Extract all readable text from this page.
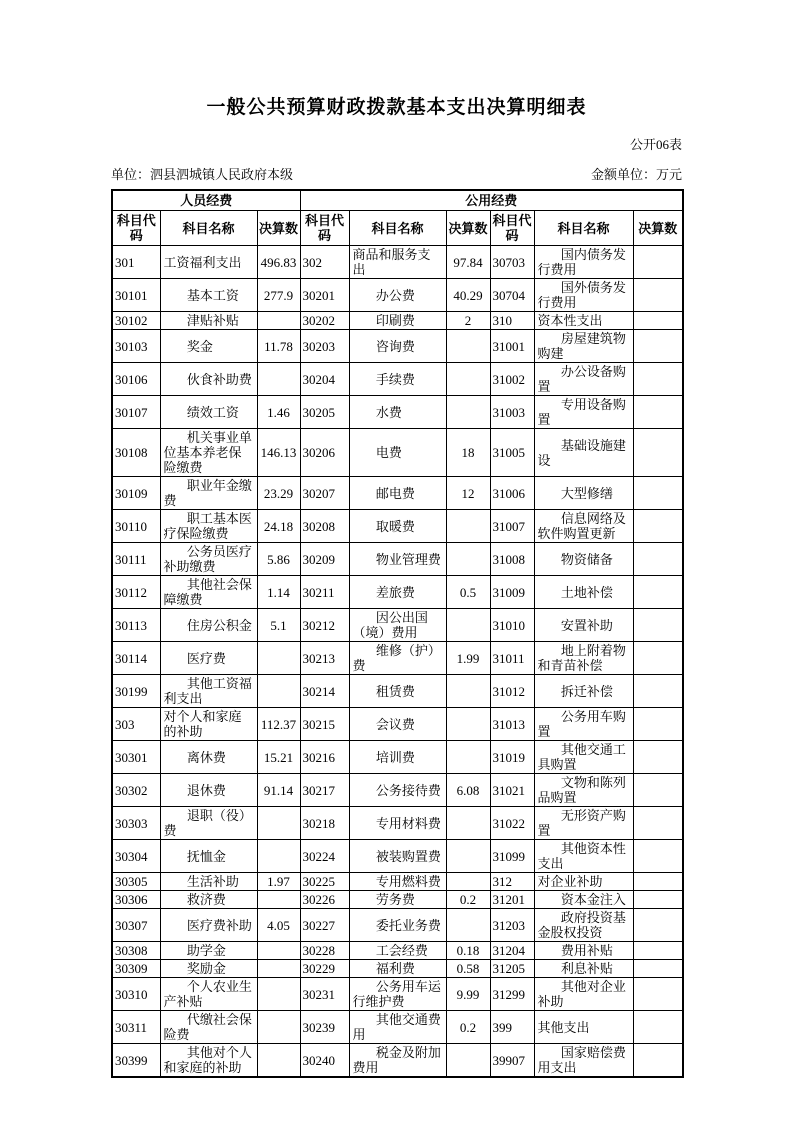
一般公共预算财政拨款基本支出决算明细表
公开06表
单位：泗县泗城镇人民政府本级	金额单位：万元
人员经费			公用经费					
科目代码	科目名称	决算数	科目代码	科目名称	决算数	科目代码	科目名称	决算数
301	工资福利支出	496.83	302	商品和服务支出	97.84	30703	国内债务发行费用	
30101	基本工资	277.9	30201	办公费	40.29	30704	国外债务发行费用	
30102	津贴补贴		30202	印刷费	2	310	资本性支出	
30103	奖金	11.78	30203	咨询费		31001	房屋建筑物购建	
30106	伙食补助费		30204	手续费		31002	办公设备购置	
30107	绩效工资	1.46	30205	水费		31003	专用设备购置	
30108	机关事业单位基本养老保险缴费	146.13	30206	电费	18	31005	基础设施建设	
30109	职业年金缴费	23.29	30207	邮电费	12	31006	大型修缮	
30110	职工基本医疗保险缴费	24.18	30208	取暖费		31007	信息网络及软件购置更新	
30111	公务员医疗补助缴费	5.86	30209	物业管理费		31008	物资储备	
30112	其他社会保障缴费	1.14	30211	差旅费	0.5	31009	土地补偿	
30113	住房公积金	5.1	30212	因公出国（境）费用		31010	安置补助	
30114	医疗费		30213	维修（护）费	1.99	31011	地上附着物和青苗补偿	
30199	其他工资福利支出		30214	租赁费		31012	拆迁补偿	
303	对个人和家庭的补助	112.37	30215	会议费		31013	公务用车购置	
30301	离休费	15.21	30216	培训费		31019	其他交通工具购置	
30302	退休费	91.14	30217	公务接待费	6.08	31021	文物和陈列品购置	
30303	退职（役）费		30218	专用材料费		31022	无形资产购置	
30304	抚恤金		30224	被装购置费		31099	其他资本性支出	
30305	生活补助	1.97	30225	专用燃料费		312	对企业补助	
30306	救济费		30226	劳务费	0.2	31201	资本金注入	
30307	医疗费补助	4.05	30227	委托业务费		31203	政府投资基金股权投资	
30308	助学金		30228	工会经费	0.18	31204	费用补贴	
30309	奖励金		30229	福利费	0.58	31205	利息补贴	
30310	个人农业生产补贴		30231	公务用车运行维护费	9.99	31299	其他对企业补助	
30311	代缴社会保险费		30239	其他交通费用	0.2	399	其他支出	
30399	其他对个人和家庭的补助		30240	税金及附加费用		39907	国家赔偿费用支出	
